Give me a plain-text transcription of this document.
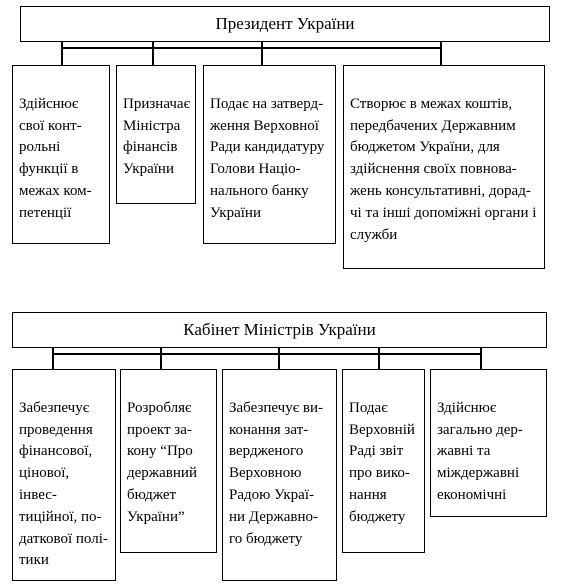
Президент України

Здійснює
свої конт-
рольні
функції в
межах ком-
петенції

Призначає
Міністра
фінансів
України

Подає на затверд-
ження Верховної
Ради кандидатуру
Голови Націо-
нального банку
України

Створює в межах коштів,
передбачених Державним
бюджетом України, для
здійснення своїх повнова-
жень консультативні, дорад-
чі та інші допоміжні органи і
служби

Кабінет Міністрів України

Забезпечує
проведення
фінансової,
цінової, інвес-
тиційної, по-
даткової полі-
тики

Розробляє
проект за-
кону “Про
державний
бюджет
України”

Забезпечує ви-
конання зат-
вердженого
Верховною
Радою Украї-
ни Державно-
го бюджету

Подає
Верховній
Раді звіт
про вико-
нання
бюджету

Здійснює
загально дер-
жавні та
міждержавні
економічні
